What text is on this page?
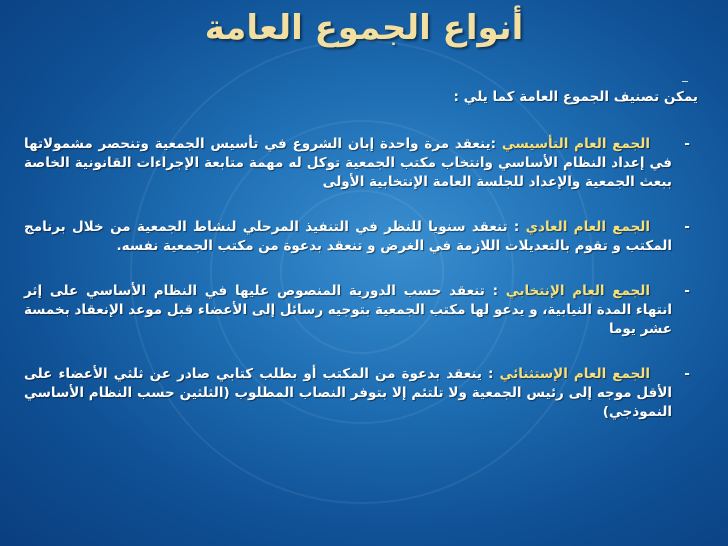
أنواع الجموع العامة

يمكن تصنيف الجموع العامة كما يلي :

-
الجمع العام التأسيسي :ينعقد مرة واحدة إبان الشروع في تأسيس الجمعية وتنحصر مشمولاتها في إعداد النظام الأساسي وانتخاب مكتب الجمعية توكل له مهمة متابعة الإجراءات القانونية الخاصة ببعث الجمعية والإعداد للجلسة العامة الإنتخابية الأولى
-
الجمع العام العادي : تنعقد سنويا للنظر في التنفيذ المرحلي لنشاط الجمعية من خلال برنامج المكتب و تقوم بالتعديلات اللازمة في الغرض و تنعقد بدعوة من مكتب الجمعية نفسه.
-
الجمع العام الإنتخابي : تنعقد حسب الدورية المنصوص عليها في النظام الأساسي على إثر انتهاء المدة النيابية، و يدعو لها مكتب الجمعية بتوجيه رسائل إلى الأعضاء قبل موعد الإنعقاد بخمسة عشر يوما
-
الجمع العام الإستثنائي : ينعقد بدعوة من المكتب أو بطلب كتابي صادر عن ثلثي الأعضاء على الأقل موجه إلى رئيس الجمعية ولا تلتئم إلا بتوفر النصاب المطلوب (الثلثين حسب النظام الأساسي النموذجي)
